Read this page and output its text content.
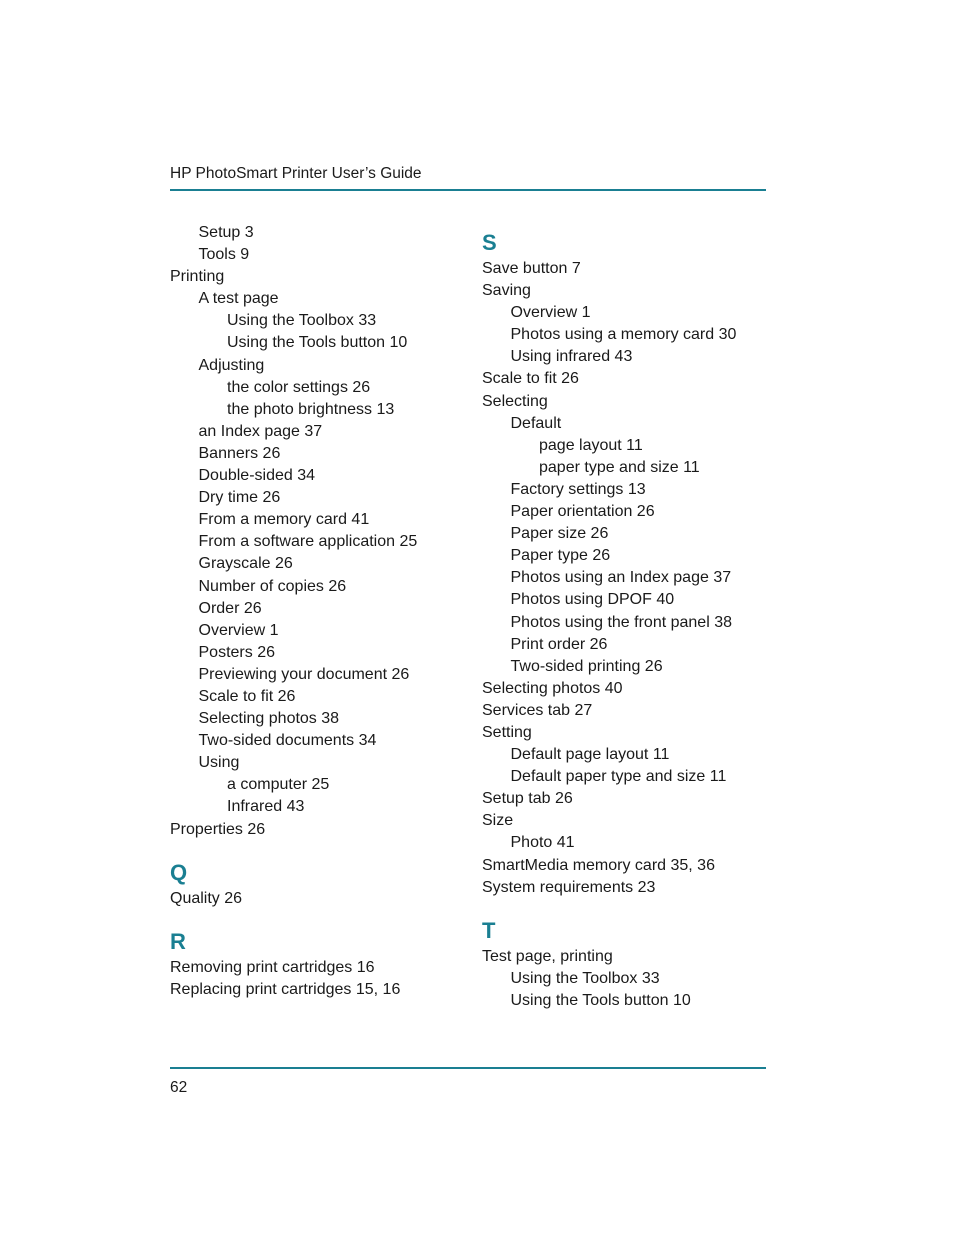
HP PhotoSmart Printer User’s Guide
Setup 3
Tools 9
Printing
A test page
Using the Toolbox 33
Using the Tools button 10
Adjusting
the color settings 26
the photo brightness 13
an Index page 37
Banners 26
Double-sided 34
Dry time 26
From a memory card 41
From a software application 25
Grayscale 26
Number of copies 26
Order 26
Overview 1
Posters 26
Previewing your document 26
Scale to fit 26
Selecting photos 38
Two-sided documents 34
Using
a computer 25
Infrared 43
Properties 26
Q
Quality 26
R
Removing print cartridges 16
Replacing print cartridges 15, 16
S
Save button 7
Saving
Overview 1
Photos using a memory card 30
Using infrared 43
Scale to fit 26
Selecting
Default
page layout 11
paper type and size 11
Factory settings 13
Paper orientation 26
Paper size 26
Paper type 26
Photos using an Index page 37
Photos using DPOF 40
Photos using the front panel 38
Print order 26
Two-sided printing 26
Selecting photos 40
Services tab 27
Setting
Default page layout 11
Default paper type and size 11
Setup tab 26
Size
Photo 41
SmartMedia memory card 35, 36
System requirements 23
T
Test page, printing
Using the Toolbox 33
Using the Tools button 10
62
